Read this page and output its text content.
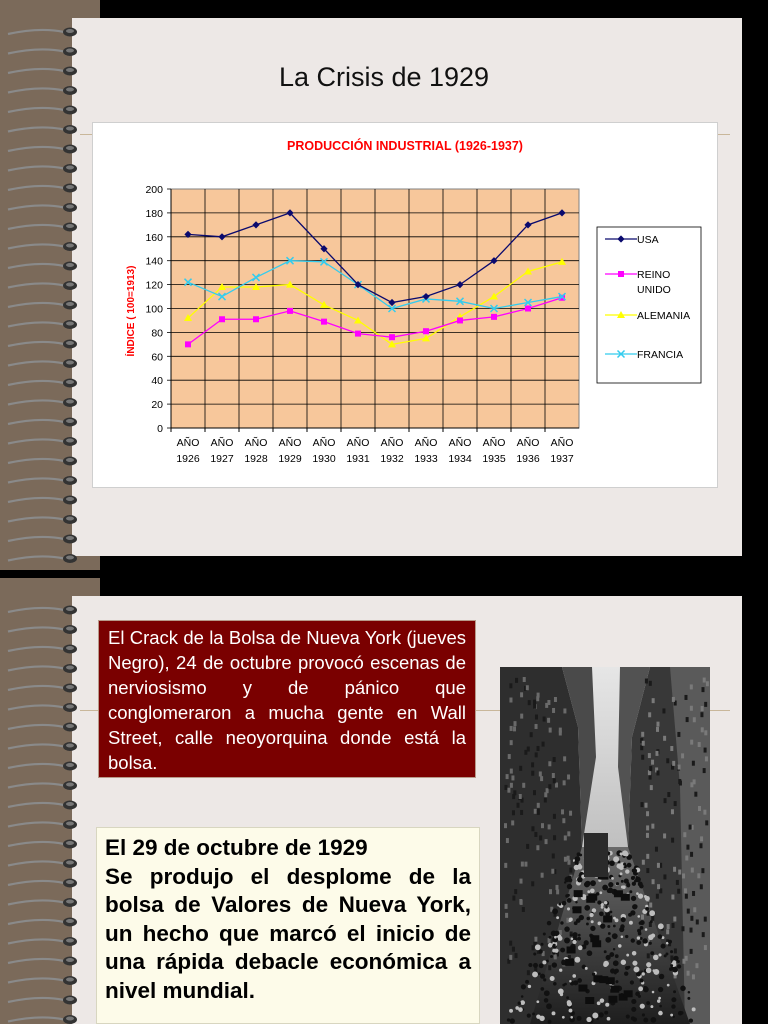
La Crisis de 1929
PRODUCCIÓN INDUSTRIAL (1926-1937)
ÍNDICE ( 100=1913)
0
20
40
60
80
100
120
140
160
180
200
AÑO
1926
AÑO
1927
AÑO
1928
AÑO
1929
AÑO
1930
AÑO
1931
AÑO
1932
AÑO
1933
AÑO
1934
AÑO
1935
AÑO
1936
AÑO
1937
USA
REINO
UNIDO
ALEMANIA
FRANCIA
El Crack de la Bolsa de Nueva York (jueves Negro), 24 de octubre provocó escenas de nerviosismo y de pánico que conglomeraron a mucha gente en Wall Street, calle neoyorquina donde está la bolsa.
El 29 de octubre de 1929
Se produjo el desplome de la bolsa de Valores de Nueva York, un hecho que marcó el inicio de una rápida debacle económica a nivel mundial.
